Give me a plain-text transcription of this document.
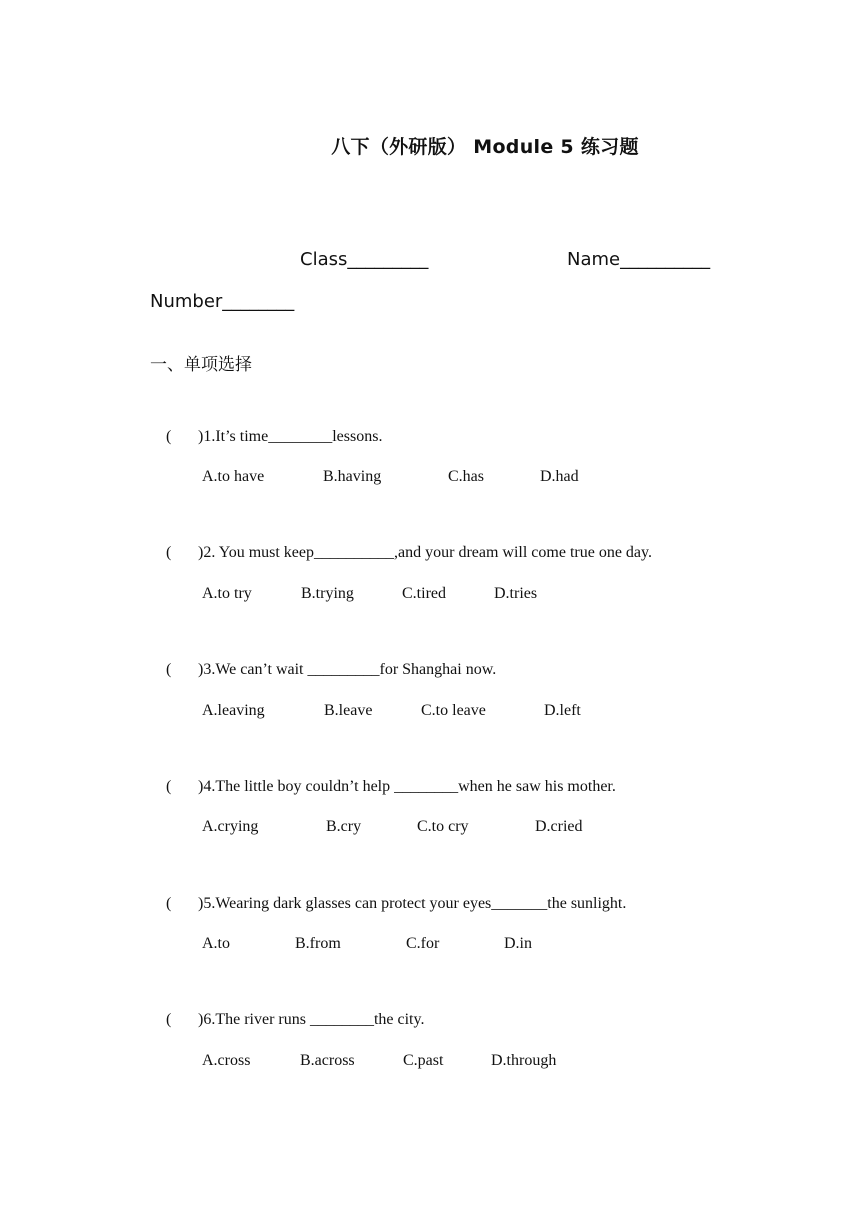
八下（外研版） Module 5 练习题
Class_________	Name__________
Number________
一、单项选择

( )1.It’s time________lessons.

A.to have

	B.having

	C.has

	D.had

( )2. You must keep__________,and your dream will come true one day.

A.to try

	B.trying

	C.tired

	D.tries

( )3.We can’t wait _________for Shanghai now.

A.leaving

	B.leave

	C.to leave

	D.left

( )4.The little boy couldn’t help ________when he saw his mother.

A.crying

	B.cry

	C.to cry

	D.cried

( )5.Wearing dark glasses can protect your eyes_______the sunlight.

A.to

	B.from

	C.for

	D.in

( )6.The river runs ________the city.

A.cross

	B.across

	C.past

	D.through
